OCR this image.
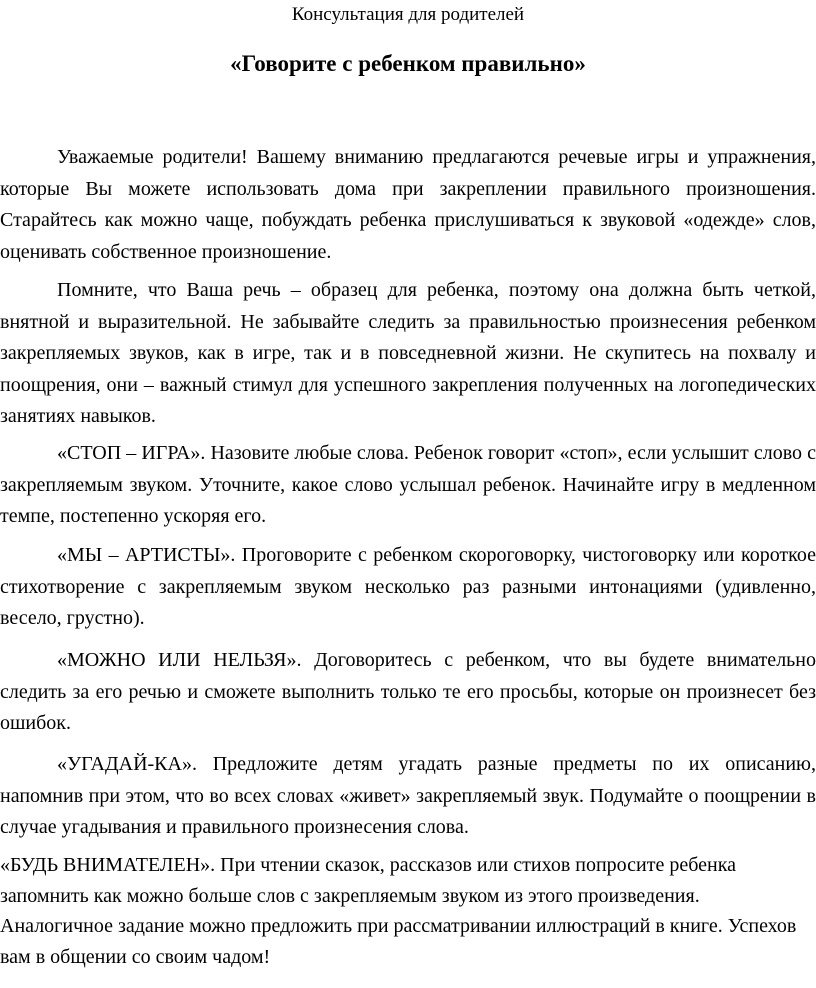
Консультация для родителей
«Говорите с ребенком правильно»

Уважаемые родители! Вашему вниманию предлагаются речевые игры и упражнения, которые Вы можете использовать дома при закреплении правильного произношения. Старайтесь как можно чаще, побуждать ребенка прислушиваться к звуковой «одежде» слов, оценивать собственное произношение.

Помните, что Ваша речь – образец для ребенка, поэтому она должна быть четкой, внятной и выразительной. Не забывайте следить за правильностью произнесения ребенком закрепляемых звуков, как в игре, так и в повседневной жизни. Не скупитесь на похвалу и поощрения, они – важный стимул для успешного закрепления полученных на логопедических занятиях навыков.

«СТОП – ИГРА». Назовите любые слова. Ребенок говорит «стоп», если услышит слово с закрепляемым звуком. Уточните, какое слово услышал ребенок. Начинайте игру в медленном темпе, постепенно ускоряя его.

«МЫ – АРТИСТЫ». Проговорите с ребенком скороговорку, чистоговорку или короткое стихотворение с закрепляемым звуком несколько раз разными интонациями (удивленно, весело, грустно).

«МОЖНО ИЛИ НЕЛЬЗЯ». Договоритесь с ребенком, что вы будете внимательно следить за его речью и сможете выполнить только те его просьбы, которые он произнесет без ошибок.

«УГАДАЙ-КА». Предложите детям угадать разные предметы по их описанию, напомнив при этом, что во всех словах «живет» закрепляемый звук. Подумайте о поощрении в случае угадывания и правильного произнесения слова.

«БУДЬ ВНИМАТЕЛЕН». При чтении сказок, рассказов или стихов попросите ребенка запомнить как можно больше слов с закрепляемым звуком из этого произведения. Аналогичное задание можно предложить при рассматривании иллюстраций в книге. Успехов вам в общении со своим чадом!
